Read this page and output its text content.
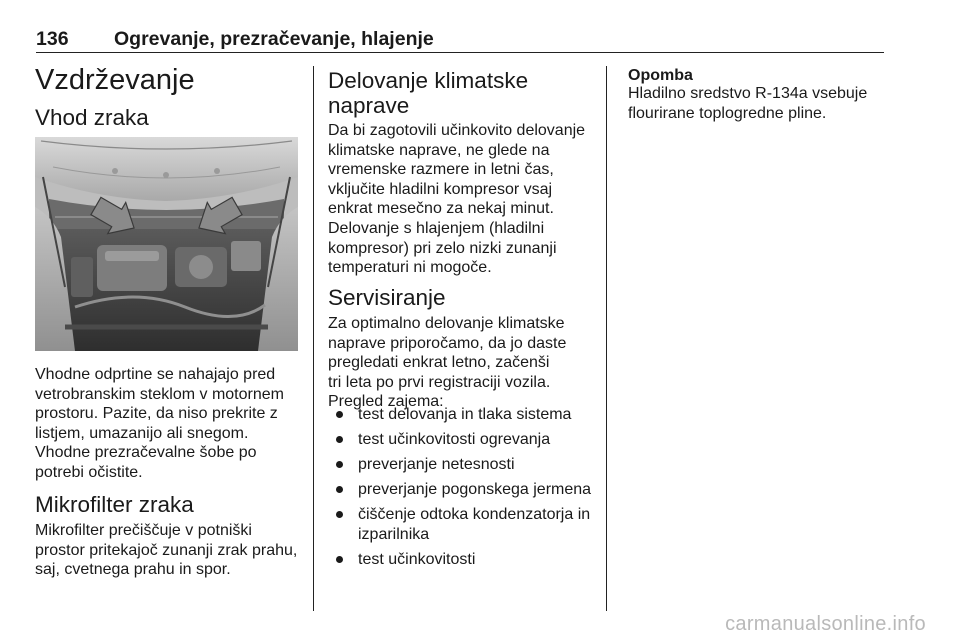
136 Ogrevanje, prezračevanje, hlajenje
Vzdrževanje
Vhod zraka
Vhodne odprtine se nahajajo pred
vetrobranskim steklom v motornem
prostoru. Pazite, da niso prekrite z
listjem, umazanijo ali snegom.
Vhodne prezračevalne šobe po
potrebi očistite.
Mikrofilter zraka
Mikrofilter prečiščuje v potniški
prostor pritekajoč zunanji zrak prahu,
saj, cvetnega prahu in spor.
Delovanje klimatske
naprave
Da bi zagotovili učinkovito delovanje
klimatske naprave, ne glede na
vremenske razmere in letni čas,
vključite hladilni kompresor vsaj
enkrat mesečno za nekaj minut.
Delovanje s hlajenjem (hladilni
kompresor) pri zelo nizki zunanji
temperaturi ni mogoče.
Servisiranje
Za optimalno delovanje klimatske
naprave priporočamo, da jo daste
pregledati enkrat letno, začenši
tri leta po prvi registraciji vozila.
Pregled zajema:
test delovanja in tlaka sistema
test učinkovitosti ogrevanja
preverjanje netesnosti
preverjanje pogonskega jermena
čiščenje odtoka kondenzatorja in
izparilnika
test učinkovitosti
Opomba
Hladilno sredstvo R-134a vsebuje
flourirane toplogredne pline.
carmanualsonline.info
